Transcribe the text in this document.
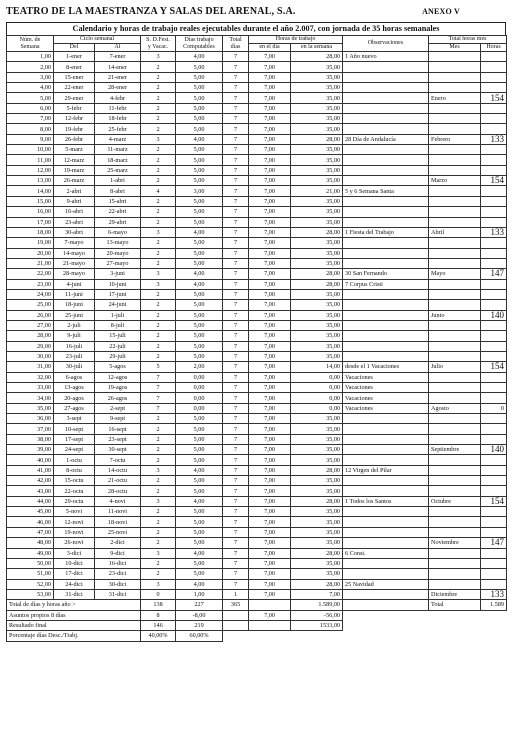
TEATRO DE LA MAESTRANZA Y SALAS DEL ARENAL, S.A.	ANEXO V
Calendario y horas de trabajo reales ejecutables durante el año 2.007, con jornada de 35 horas semanales
Núm. de
Semana	Ciclo semanal		S. D.Fest.
y Vacac.	Días trabajo
Computables	Total
días	Horas de trabajo		Observaciones	Total horas mes	
	Del	Al				en el día	en la semana		Mes	Horas
1,00	1-ener	7-ener	3	4,00	7	7,00	28,00	1 Año nuevo		
2,00	8-ener	14-ener	2	5,00	7	7,00	35,00			
3,00	15-ener	21-ener	2	5,00	7	7,00	35,00			
4,00	22-ener	28-ener	2	5,00	7	7,00	35,00			
5,00	29-ener	4-febr	2	5,00	7	7,00	35,00		Enero	154
6,00	5-febr	11-febr	2	5,00	7	7,00	35,00			
7,00	12-febr	18-febr	2	5,00	7	7,00	35,00			
8,00	19-febr	25-febr	2	5,00	7	7,00	35,00			
9,00	26-febr	4-marz	3	4,00	7	7,00	28,00	28 Día de Andalucía	Febrero	133
10,00	5-marz	11-marz	2	5,00	7	7,00	35,00			
11,00	12-marz	18-marz	2	5,00	7	7,00	35,00			
12,00	19-marz	25-marz	2	5,00	7	7,00	35,00			
13,00	26-marz	1-abri	2	5,00	7	7,00	35,00		Marzo	154
14,00	2-abri	8-abri	4	3,00	7	7,00	21,00	5 y 6 Semana Santa		
15,00	9-abri	15-abri	2	5,00	7	7,00	35,00			
16,00	16-abri	22-abri	2	5,00	7	7,00	35,00			
17,00	23-abri	29-abri	2	5,00	7	7,00	35,00			
18,00	30-abri	6-mayo	3	4,00	7	7,00	28,00	1 Fiesta del Trabajo	Abril	133
19,00	7-mayo	13-mayo	2	5,00	7	7,00	35,00			
20,00	14-mayo	20-mayo	2	5,00	7	7,00	35,00			
21,00	21-mayo	27-mayo	2	5,00	7	7,00	35,00			
22,00	28-mayo	3-juni	3	4,00	7	7,00	28,00	30 San Fernando	Mayo	147
23,00	4-juni	10-juni	3	4,00	7	7,00	28,00	7 Corpus Cristi		
24,00	11-juni	17-juni	2	5,00	7	7,00	35,00			
25,00	18-juni	24-juni	2	5,00	7	7,00	35,00			
26,00	25-juni	1-juli	2	5,00	7	7,00	35,00		Junio	140
27,00	2-juli	8-juli	2	5,00	7	7,00	35,00			
28,00	9-juli	15-juli	2	5,00	7	7,00	35,00			
29,00	16-juli	22-juli	2	5,00	7	7,00	35,00			
30,00	23-juli	29-juli	2	5,00	7	7,00	35,00			
31,00	30-juli	5-agos	5	2,00	7	7,00	14,00	desde el 1 Vacaciones	Julio	154
32,00	6-agos	12-agos	7	0,00	7	7,00	0,00	Vacaciones		
33,00	13-agos	19-agos	7	0,00	7	7,00	0,00	Vacaciones		
34,00	20-agos	26-agos	7	0,00	7	7,00	0,00	Vacaciones		
35,00	27-agos	2-sept	7	0,00	7	7,00	0,00	Vacaciones	Agosto	0
36,00	3-sept	9-sept	2	5,00	7	7,00	35,00			
37,00	10-sept	16-sept	2	5,00	7	7,00	35,00			
38,00	17-sept	23-sept	2	5,00	7	7,00	35,00			
39,00	24-sept	30-sept	2	5,00	7	7,00	35,00		Septiembre	140
40,00	1-octu	7-octu	2	5,00	7	7,00	35,00			
41,00	8-octu	14-octu	3	4,00	7	7,00	28,00	12 Virgen del Pilar		
42,00	15-octu	21-octu	2	5,00	7	7,00	35,00			
43,00	22-octu	28-octu	2	5,00	7	7,00	35,00			
44,00	29-octu	4-novi	3	4,00	7	7,00	28,00	1 Todos los Santos	Octubre	154
45,00	5-novi	11-novi	2	5,00	7	7,00	35,00			
46,00	12-novi	18-novi	2	5,00	7	7,00	35,00			
47,00	19-novi	25-novi	2	5,00	7	7,00	35,00			
48,00	26-novi	2-dici	2	5,00	7	7,00	35,00		Noviembre	147
49,00	3-dici	9-dici	3	4,00	7	7,00	28,00	6 Const.		
50,00	10-dici	16-dici	2	5,00	7	7,00	35,00			
51,00	17-dici	23-dici	2	5,00	7	7,00	35,00			
52,00	24-dici	30-dici	3	4,00	7	7,00	28,00	25 Navidad		
53,00	31-dici	31-dici	0	1,00	1	7,00	7,00		Diciembre	133
Total de días y horas año >			138	227	365		1.589,00		Total	1.589
Asuntos propios 8 días			8	-8,00		7,00	-56,00			
Resultado final			146	219			1533,00			
Porcentaje días Desc./Trabj.			40,00%	60,00%						
